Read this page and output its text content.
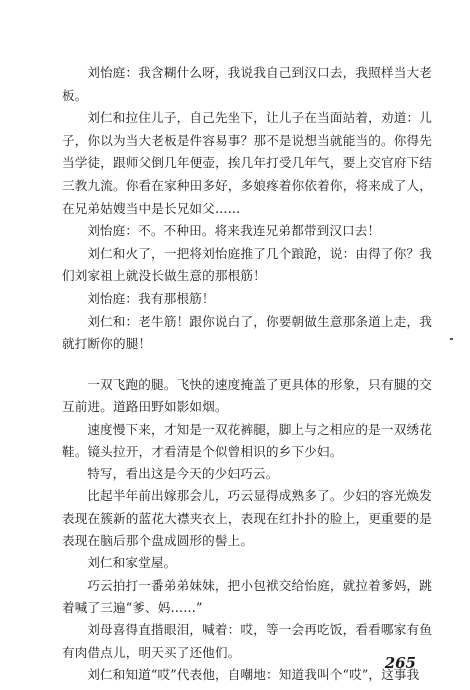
刘怡庭：我含糊什么呀，我说我自己到汉口去，我照样当大老板。

刘仁和拉住儿子，自己先坐下，让儿子在当面站着，劝道：儿子，你以为当大老板是件容易事？那不是说想当就能当的。你得先当学徒，跟师父倒几年便壶，挨几年打受几年气，要上交官府下结三教九流。你看在家种田多好，多娘疼着你依着你，将来成了人，在兄弟姑嫂当中是长兄如父……

刘怡庭：不。不种田。将来我连兄弟都带到汉口去！

刘仁和火了，一把将刘怡庭推了几个踉跄，说：由得了你？我们刘家祖上就没长做生意的那根筋！

刘怡庭：我有那根筋！

刘仁和：老牛筋！跟你说白了，你要朝做生意那条道上走，我就打断你的腿！

一双飞跑的腿。飞快的速度掩盖了更具体的形象，只有腿的交互前进。道路田野如影如烟。

速度慢下来，才知是一双花裤腿，脚上与之相应的是一双绣花鞋。镜头拉开，才看清是个似曾相识的乡下少妇。

特写，看出这是今天的少妇巧云。

比起半年前出嫁那会儿，巧云显得成熟多了。少妇的容光焕发表现在簇新的蓝花大襟夹衣上，表现在红扑扑的脸上，更重要的是表现在脑后那个盘成圆形的髻上。

刘仁和家堂屋。

巧云拍打一番弟弟妹妹，把小包袱交给怡庭，就拉着爹妈，跳着喊了三遍“爹、妈……”

刘母喜得直揩眼泪，喊着：哎，等一会再吃饭，看看哪家有鱼有肉借点儿，明天买了还他们。

刘仁和知道“哎”代表他，自嘲地：知道我叫个“哎”，这事我

265
